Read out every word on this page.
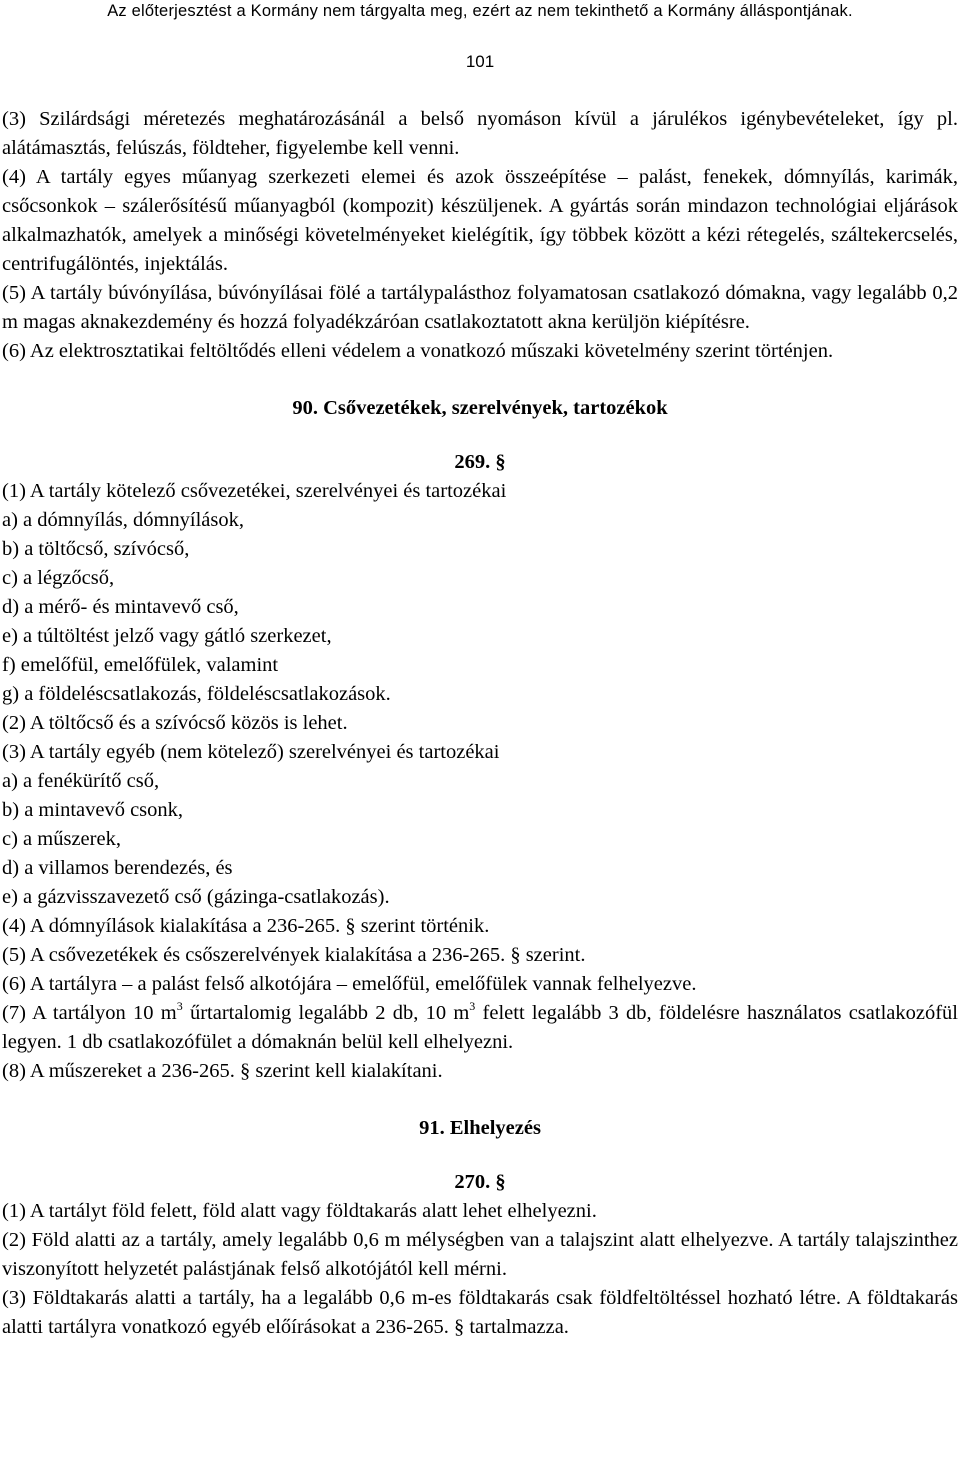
Az előterjesztést a Kormány nem tárgyalta meg, ezért az nem tekinthető a Kormány álláspontjának.
101

(3) Szilárdsági méretezés meghatározásánál a belső nyomáson kívül a járulékos igénybevételeket, így pl. alátámasztás, felúszás, földteher, figyelembe kell venni.

(4) A tartály egyes műanyag szerkezeti elemei és azok összeépítése – palást, fenekek, dómnyílás, karimák, csőcsonkok – szálerősítésű műanyagból (kompozit) készüljenek. A gyártás során mindazon technológiai eljárások alkalmazhatók, amelyek a minőségi követelményeket kielégítik, így többek között a kézi rétegelés, száltekercselés, centrifugálöntés, injektálás.

(5) A tartály búvónyílása, búvónyílásai fölé a tartálypalásthoz folyamatosan csatlakozó dómakna, vagy legalább 0,2 m magas aknakezdemény és hozzá folyadékzáróan csatlakoztatott akna kerüljön kiépítésre.

(6) Az elektrosztatikai feltöltődés elleni védelem a vonatkozó műszaki követelmény szerint történjen.

90. Csővezetékek, szerelvények, tartozékok

269. §

(1) A tartály kötelező csővezetékei, szerelvényei és tartozékai

a) a dómnyílás, dómnyílások,

b) a töltőcső, szívócső,

c) a légzőcső,

d) a mérő- és mintavevő cső,

e) a túltöltést jelző vagy gátló szerkezet,

f) emelőfül, emelőfülek, valamint

g) a földeléscsatlakozás, földeléscsatlakozások.

(2) A töltőcső és a szívócső közös is lehet.

(3) A tartály egyéb (nem kötelező) szerelvényei és tartozékai

a) a fenékürítő cső,

b) a mintavevő csonk,

c) a műszerek,

d) a villamos berendezés, és

e) a gázvisszavezető cső (gázinga-csatlakozás).

(4) A dómnyílások kialakítása a 236-265. § szerint történik.

(5) A csővezetékek és csőszerelvények kialakítása a 236-265. § szerint.

(6) A tartályra – a palást felső alkotójára – emelőfül, emelőfülek vannak felhelyezve.

(7) A tartályon 10 $m^3$ űrtartalomig legalább 2 db, 10 $m^3$ felett legalább 3 db, földelésre használatos csatlakozófül legyen. 1 db csatlakozófület a dómaknán belül kell elhelyezni.

(8) A műszereket a 236-265. § szerint kell kialakítani.

91. Elhelyezés

270. §

(1) A tartályt föld felett, föld alatt vagy földtakarás alatt lehet elhelyezni.

(2) Föld alatti az a tartály, amely legalább 0,6 m mélységben van a talajszint alatt elhelyezve. A tartály talajszinthez viszonyított helyzetét palástjának felső alkotójától kell mérni.

(3) Földtakarás alatti a tartály, ha a legalább 0,6 m-es földtakarás csak földfeltöltéssel hozható létre. A földtakarás alatti tartályra vonatkozó egyéb előírásokat a 236-265. § tartalmazza.
